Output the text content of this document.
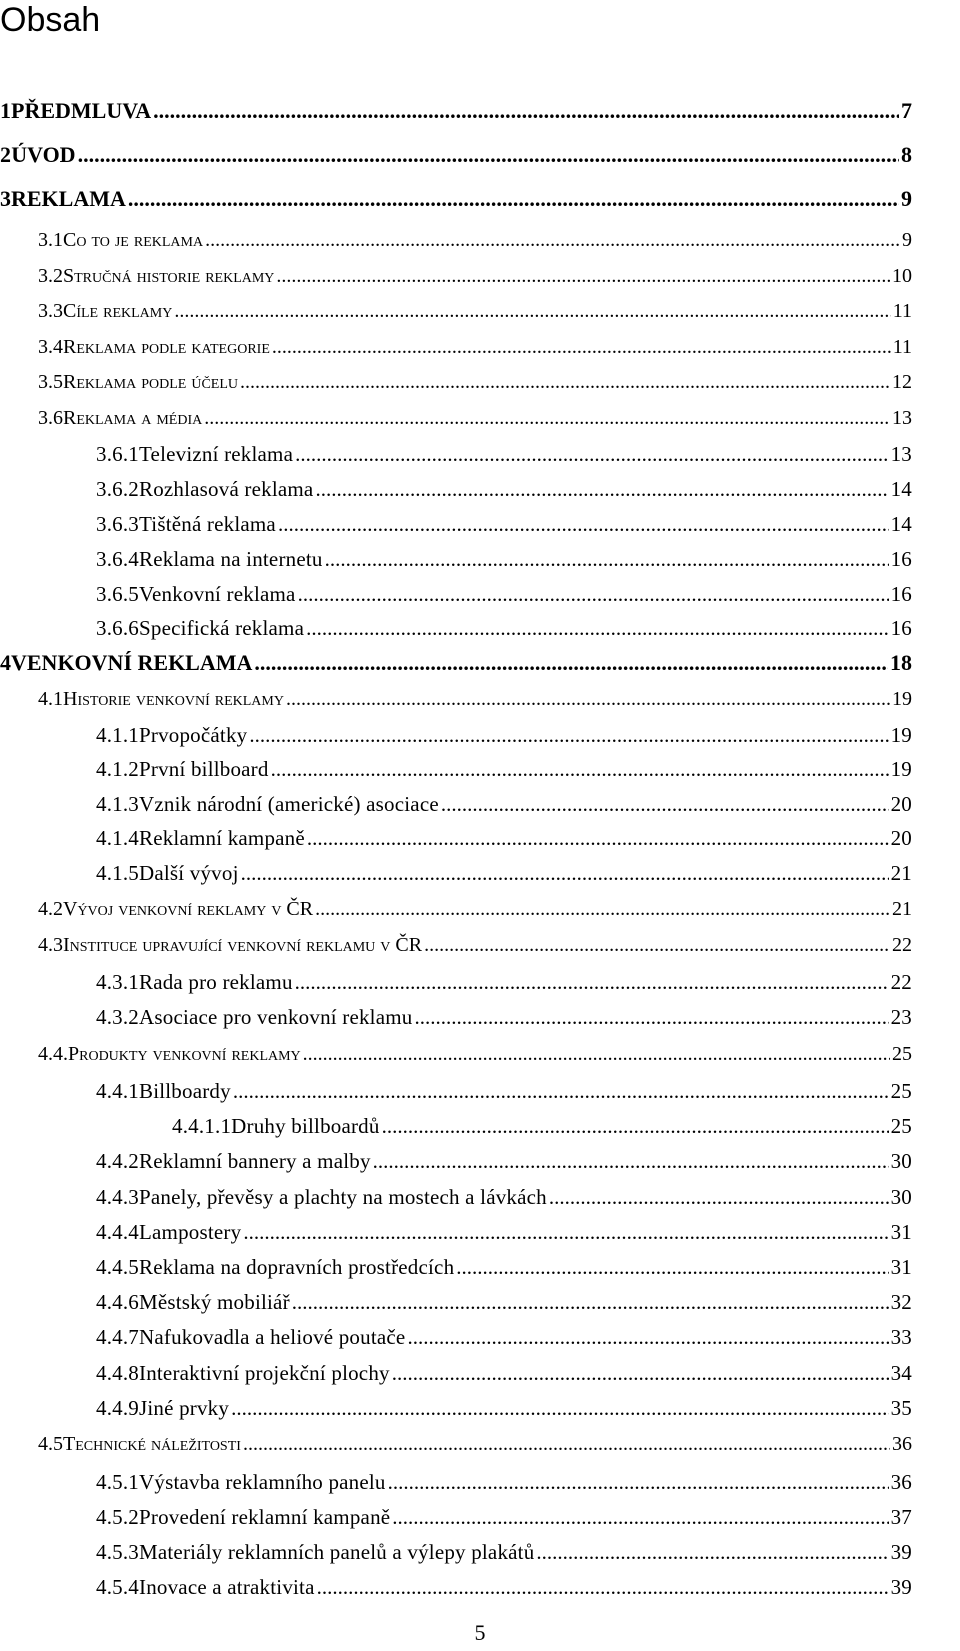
Obsah
1 PŘEDMLUVA .....	7
2 ÚVOD .....	8
3 REKLAMA .....	9
3.1 Co to je reklama .....	9
3.2 Stručná historie reklamy .....	10
3.3 Cíle reklamy .....	11
3.4 Reklama podle kategorie .....	11
3.5 Reklama podle účelu .....	12
3.6 Reklama a média .....	13
3.6.1 Televizní reklama .....	13
3.6.2 Rozhlasová reklama .....	14
3.6.3 Tištěná reklama .....	14
3.6.4 Reklama na internetu .....	16
3.6.5 Venkovní reklama .....	16
3.6.6 Specifická reklama .....	16
4 VENKOVNÍ REKLAMA .....	18
4.1 Historie venkovní reklamy .....	19
4.1.1 Prvopočátky .....	19
4.1.2 První billboard .....	19
4.1.3 Vznik národní (americké) asociace .....	20
4.1.4 Reklamní kampaně .....	20
4.1.5 Další vývoj .....	21
4.2 Vývoj venkovní reklamy v ČR .....	21
4.3 Instituce upravující venkovní reklamu v ČR .....	22
4.3.1 Rada pro reklamu .....	22
4.3.2 Asociace pro venkovní reklamu .....	23
4.4. Produkty venkovní reklamy .....	25
4.4.1 Billboardy .....	25
4.4.1.1 Druhy billboardů .....	25
4.4.2 Reklamní bannery a malby .....	30
4.4.3 Panely, převěsy a plachty na mostech a lávkách .....	30
4.4.4 Lampostery .....	31
4.4.5 Reklama na dopravních prostředcích .....	31
4.4.6 Městský mobiliář .....	32
4.4.7 Nafukovadla a heliové poutače .....	33
4.4.8 Interaktivní projekční plochy .....	34
4.4.9 Jiné prvky .....	35
4.5 Technické náležitosti .....	36
4.5.1 Výstavba reklamního panelu .....	36
4.5.2 Provedení reklamní kampaně .....	37
4.5.3 Materiály reklamních panelů a výlepy plakátů .....	39
4.5.4 Inovace a atraktivita .....	39
5
